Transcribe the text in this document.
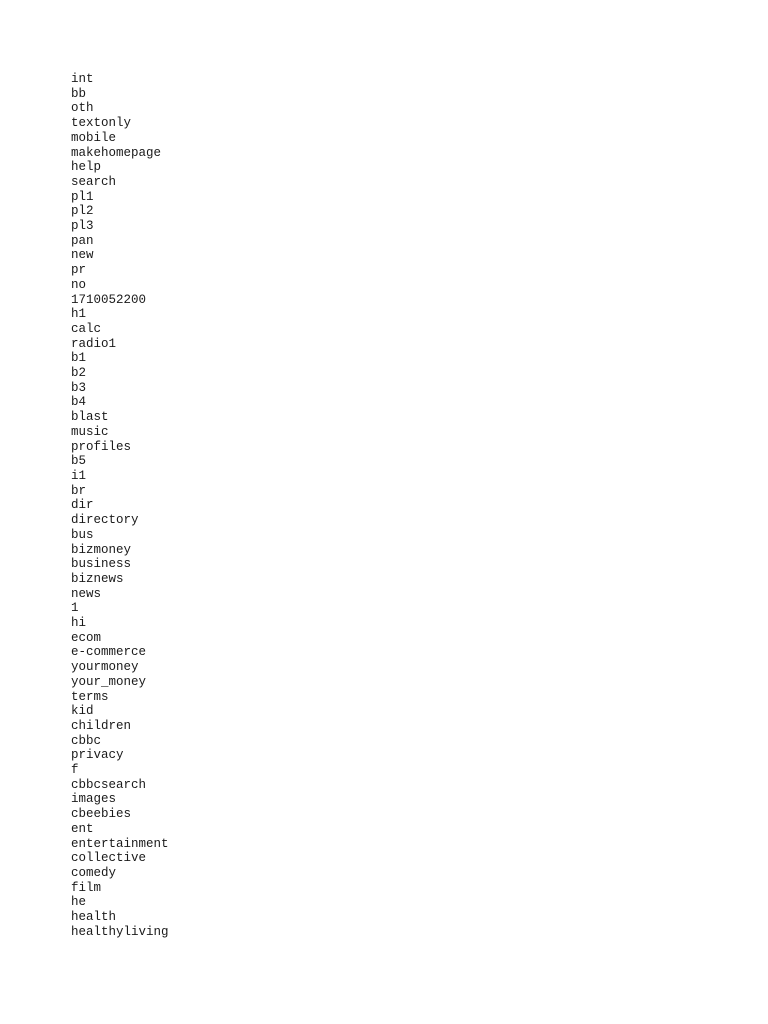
int
bb
oth
textonly
mobile
makehomepage
help
search
pl1
pl2
pl3
pan
new
pr
no
1710052200
h1
calc
radio1
b1
b2
b3
b4
blast
music
profiles
b5
i1
br
dir
directory
bus
bizmoney
business
biznews
news
1
hi
ecom
e-commerce
yourmoney
your_money
terms
kid
children
cbbc
privacy
f
cbbcsearch
images
cbeebies
ent
entertainment
collective
comedy
film
he
health
healthyliving
